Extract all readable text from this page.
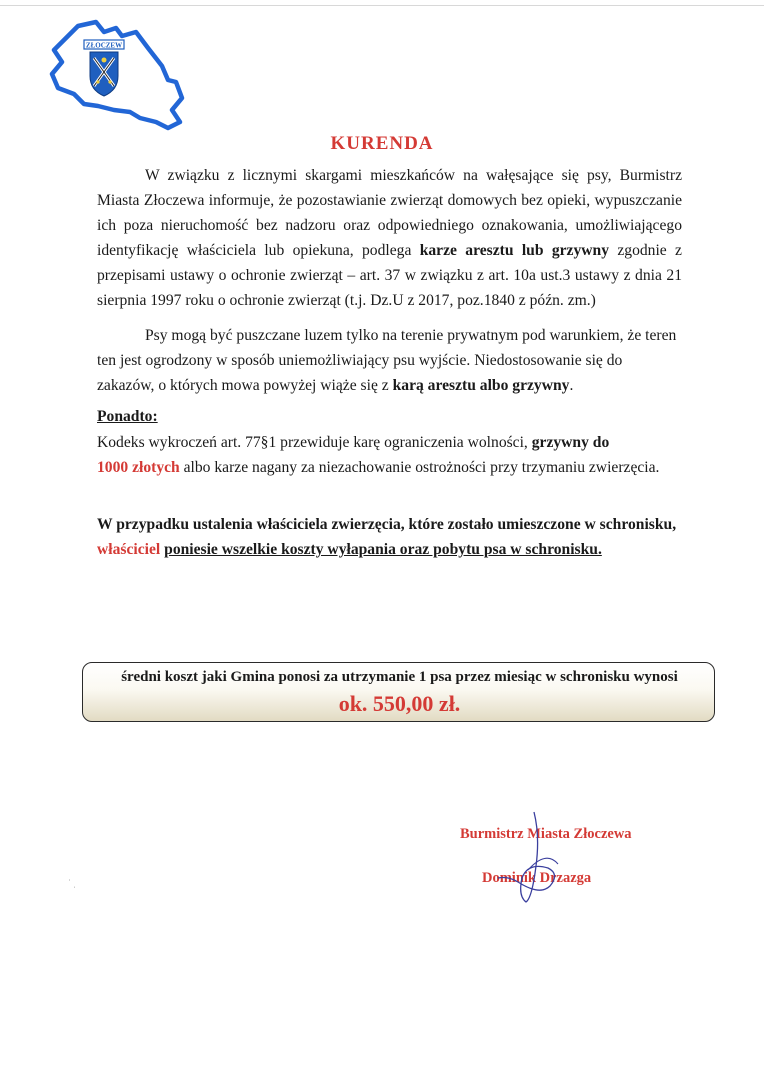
ZŁOCZEW
KURENDA
W związku z licznymi skargami mieszkańców na wałęsające się psy, Burmistrz Miasta Złoczewa informuje, że pozostawianie zwierząt domowych bez opieki, wypuszczanie ich poza nieruchomość bez nadzoru oraz odpowiedniego oznakowania, umożliwiającego identyfikację właściciela lub opiekuna, podlega karze aresztu lub grzywny zgodnie z przepisami ustawy o ochronie zwierząt – art. 37 w związku z art. 10a ust.3 ustawy z dnia 21 sierpnia 1997 roku o ochronie zwierząt (t.j. Dz.U z 2017, poz.1840 z późn. zm.)
Psy mogą być puszczane luzem tylko na terenie prywatnym pod warunkiem, że teren ten jest ogrodzony w sposób uniemożliwiający psu wyjście. Niedostosowanie się do zakazów, o których mowa powyżej wiąże się z karą aresztu albo grzywny.
Ponadto:
Kodeks wykroczeń art. 77§1 przewiduje karę ograniczenia wolności, grzywny do
1000 złotych albo karze nagany za niezachowanie ostrożności przy trzymaniu zwierzęcia.
W przypadku ustalenia właściciela zwierzęcia, które zostało umieszczone w schronisku, właściciel poniesie wszelkie koszty wyłapania oraz pobytu psa w schronisku.
średni koszt jaki Gmina ponosi za utrzymanie 1 psa przez miesiąc w schronisku wynosi
ok. 550,00 zł.
Burmistrz Miasta Złoczewa
Dominik Drzazga
˙ ˌ
